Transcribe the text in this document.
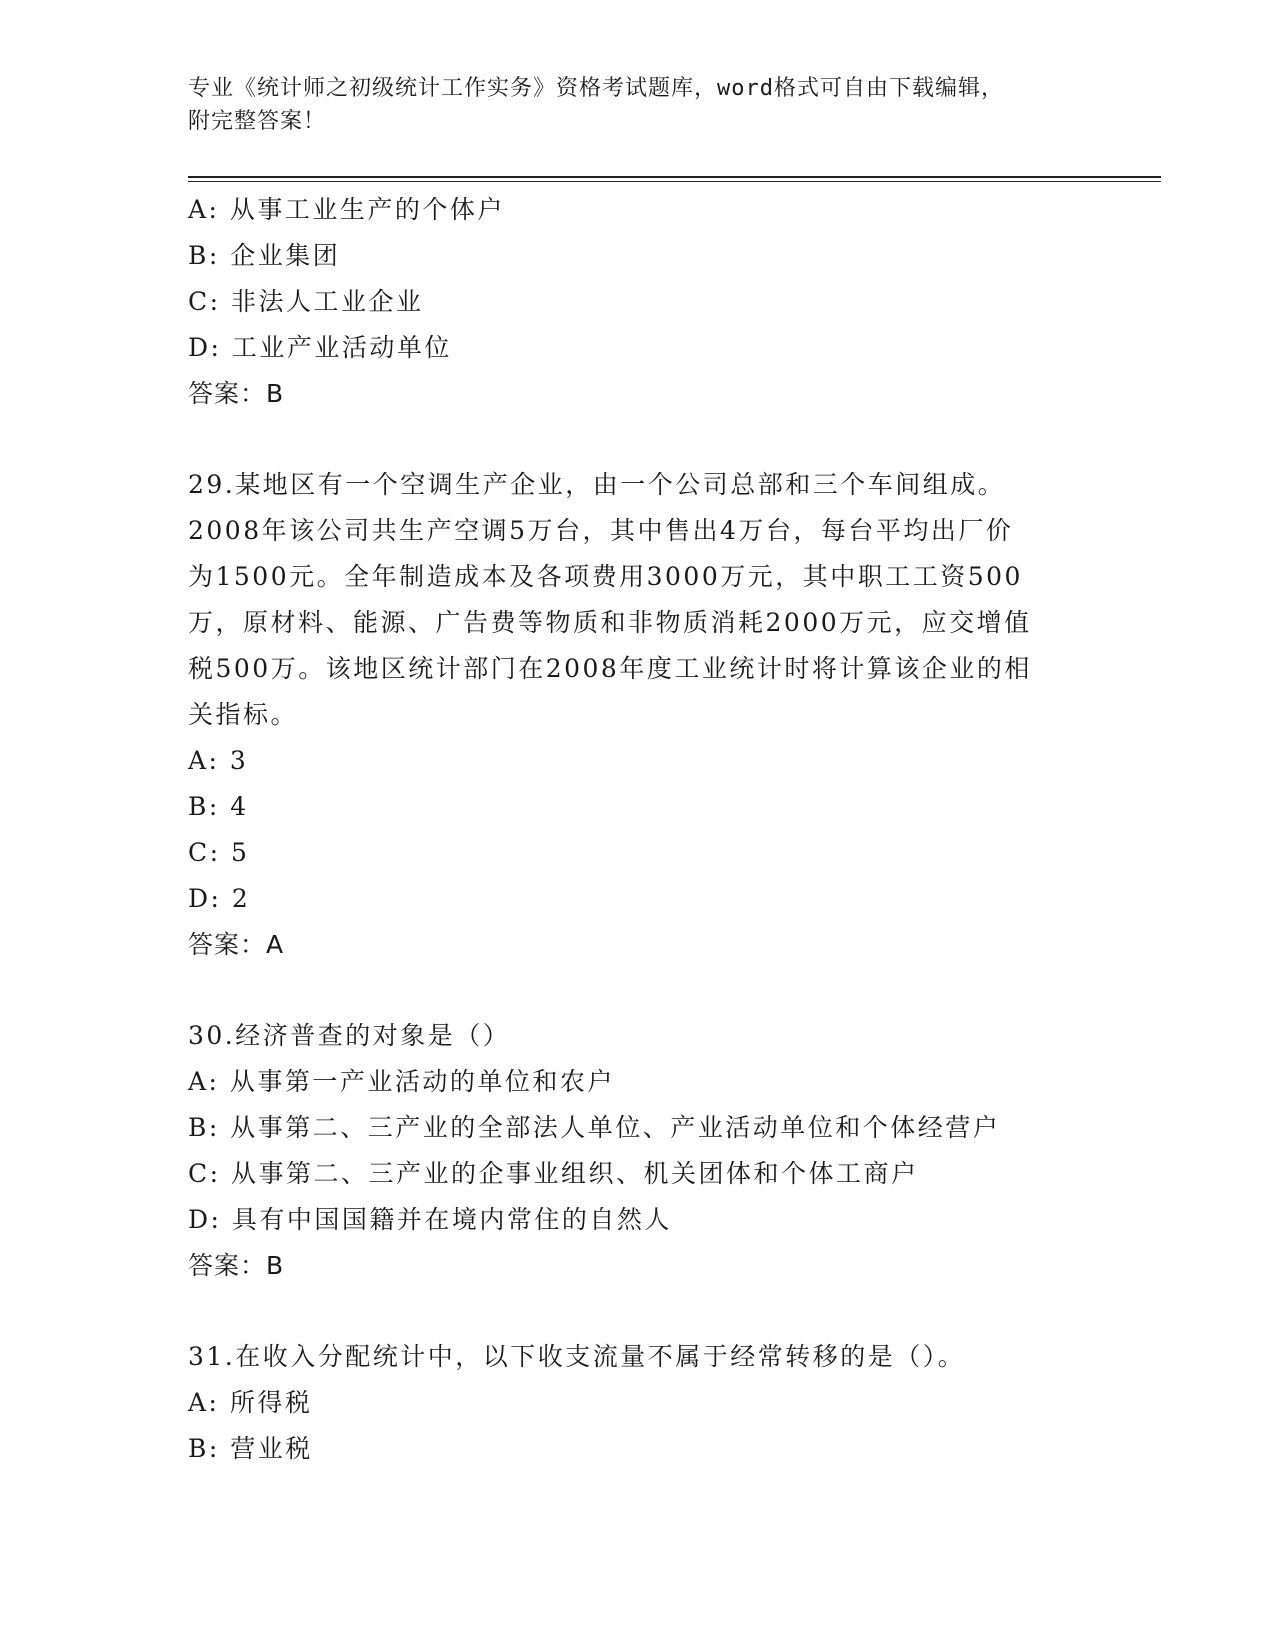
专业《统计师之初级统计工作实务》资格考试题库，word格式可自由下载编辑，
附完整答案！
A: 从事工业生产的个体户
B: 企业集团
C: 非法人工业企业
D: 工业产业活动单位
答案：B
29.某地区有一个空调生产企业，由一个公司总部和三个车间组成。
2008年该公司共生产空调5万台，其中售出4万台，每台平均出厂价
为1500元。全年制造成本及各项费用3000万元，其中职工工资500
万，原材料、能源、广告费等物质和非物质消耗2000万元，应交增值
税500万。该地区统计部门在2008年度工业统计时将计算该企业的相
关指标。
A: 3
B: 4
C: 5
D: 2
答案：A
30.经济普查的对象是（）
A: 从事第一产业活动的单位和农户
B: 从事第二、三产业的全部法人单位、产业活动单位和个体经营户
C: 从事第二、三产业的企事业组织、机关团体和个体工商户
D: 具有中国国籍并在境内常住的自然人
答案：B
31.在收入分配统计中，以下收支流量不属于经常转移的是（）。
A: 所得税
B: 营业税
